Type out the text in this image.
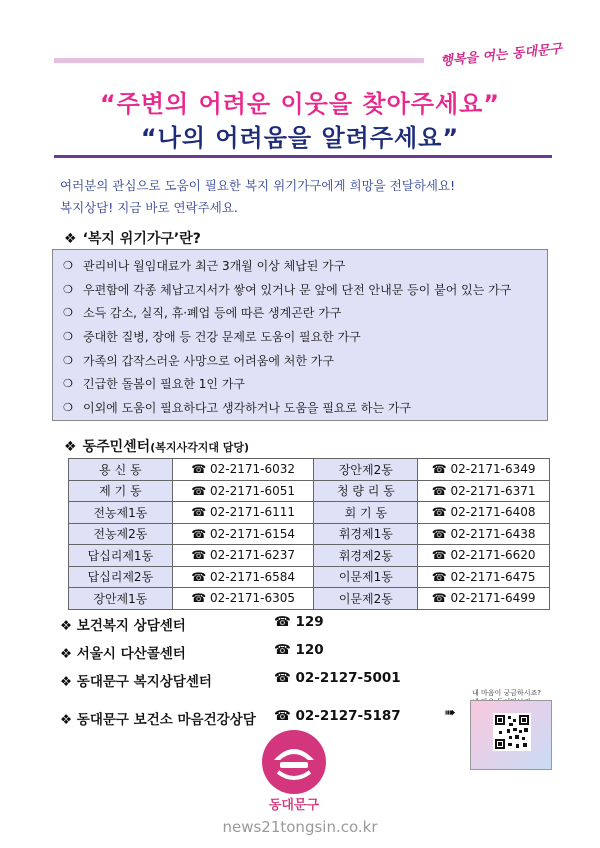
행복을 여는 동대문구
“주변의 어려운 이웃을 찾아주세요”
“나의 어려움을 알려주세요”
여러분의 관심으로 도움이 필요한 복지 위기가구에게 희망을 전달하세요!
복지상담! 지금 바로 연락주세요.
❖ ‘복지 위기가구’란?
❍ 관리비나 월임대료가 최근 3개월 이상 체납된 가구
❍ 우편함에 각종 체납고지서가 쌓여 있거나 문 앞에 단전 안내문 등이 붙어 있는 가구
❍ 소득 감소, 실직, 휴·폐업 등에 따른 생계곤란 가구
❍ 중대한 질병, 장애 등 건강 문제로 도움이 필요한 가구
❍ 가족의 갑작스러운 사망으로 어려움에 처한 가구
❍ 긴급한 돌봄이 필요한 1인 가구
❍ 이외에 도움이 필요하다고 생각하거나 도움을 필요로 하는 가구
❖ 동주민센터(복지사각지대 담당)
용 신 동	☎ 02-2171-6032	장안제2동	☎ 02-2171-6349
제 기 동	☎ 02-2171-6051	청 량 리 동	☎ 02-2171-6371
전농제1동	☎ 02-2171-6111	회 기 동	☎ 02-2171-6408
전농제2동	☎ 02-2171-6154	휘경제1동	☎ 02-2171-6438
답십리제1동	☎ 02-2171-6237	휘경제2동	☎ 02-2171-6620
답십리제2동	☎ 02-2171-6584	이문제1동	☎ 02-2171-6475
장안제1동	☎ 02-2171-6305	이문제2동	☎ 02-2171-6499
❖ 보건복지 상담센터	☎ 129
❖ 서울시 다산콜센터	☎ 120
❖ 동대문구 복지상담센터	☎ 02-2127-5001
❖ 동대문구 보건소 마음건강상담 ☎ 02-2127-5187
내 마음이 궁금하시죠?
➠
동대문구
news21tongsin.co.kr
